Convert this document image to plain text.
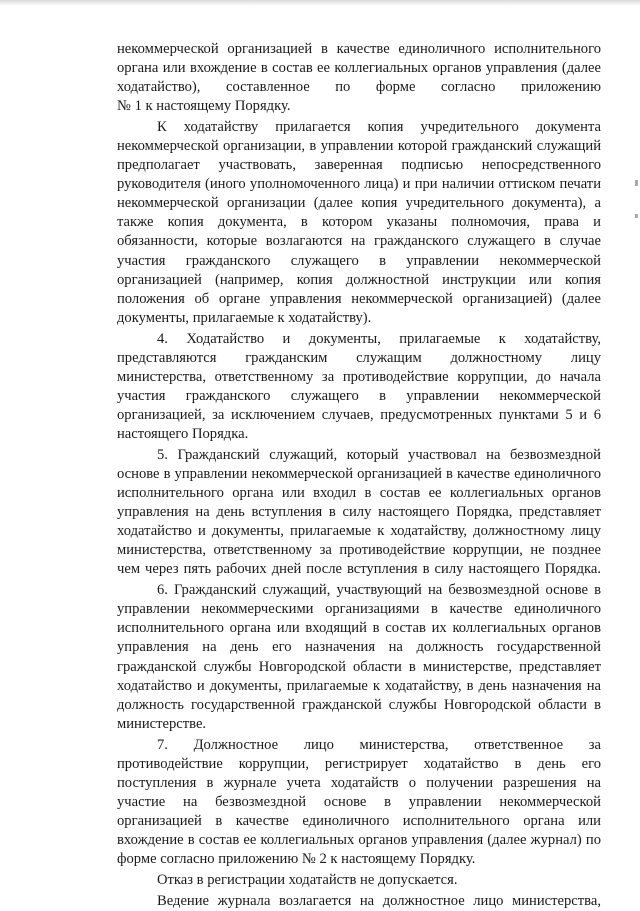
некоммерческой организацией в качестве единоличного исполнительного
органа или вхождение в состав ее коллегиальных органов управления (далее
ходатайство), составленное по форме согласно приложению
№ 1 к настоящему Порядку.
К ходатайству прилагается копия учредительного документа
некоммерческой организации, в управлении которой гражданский служащий
предполагает участвовать, заверенная подписью непосредственного
руководителя (иного уполномоченного лица) и при наличии оттиском печати
некоммерческой организации (далее копия учредительного документа), а
также копия документа, в котором указаны полномочия, права и
обязанности, которые возлагаются на гражданского служащего в случае
участия гражданского служащего в управлении некоммерческой
организацией (например, копия должностной инструкции или копия
положения об органе управления некоммерческой организацией) (далее
документы, прилагаемые к ходатайству).
4. Ходатайство и документы, прилагаемые к ходатайству,
представляются гражданским служащим должностному лицу
министерства, ответственному за противодействие коррупции, до начала
участия гражданского служащего в управлении некоммерческой
организацией, за исключением случаев, предусмотренных пунктами 5 и 6
настоящего Порядка.
5. Гражданский служащий, который участвовал на безвозмездной
основе в управлении некоммерческой организацией в качестве единоличного
исполнительного органа или входил в состав ее коллегиальных органов
управления на день вступления в силу настоящего Порядка, представляет
ходатайство и документы, прилагаемые к ходатайству, должностному лицу
министерства, ответственному за противодействие коррупции, не позднее
чем через пять рабочих дней после вступления в силу настоящего Порядка.
6. Гражданский служащий, участвующий на безвозмездной основе в
управлении некоммерческими организациями в качестве единоличного
исполнительного органа или входящий в состав их коллегиальных органов
управления на день его назначения на должность государственной
гражданской службы Новгородской области в министерстве, представляет
ходатайство и документы, прилагаемые к ходатайству, в день назначения на
должность государственной гражданской службы Новгородской области в
министерстве.
7. Должностное лицо министерства, ответственное за
противодействие коррупции, регистрирует ходатайство в день его
поступления в журнале учета ходатайств о получении разрешения на
участие на безвозмездной основе в управлении некоммерческой
организацией в качестве единоличного исполнительного органа или
вхождение в состав ее коллегиальных органов управления (далее журнал) по
форме согласно приложению № 2 к настоящему Порядку.
Отказ в регистрации ходатайств не допускается.
Ведение журнала возлагается на должностное лицо министерства,
